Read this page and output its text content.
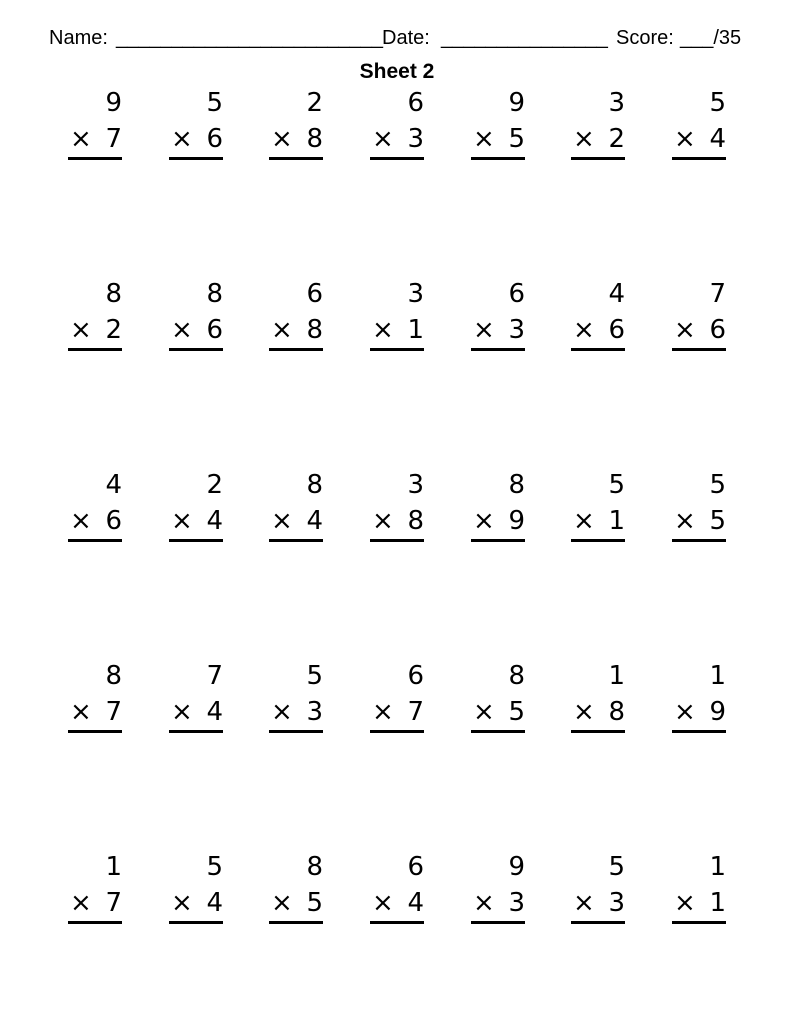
Name: ________________________ Date: _______________ Score: ___/35
Sheet 2
9
× 7
5
× 6
2
× 8
6
× 3
9
× 5
3
× 2
5
× 4
8
× 2
8
× 6
6
× 8
3
× 1
6
× 3
4
× 6
7
× 6
4
× 6
2
× 4
8
× 4
3
× 8
8
× 9
5
× 1
5
× 5
8
× 7
7
× 4
5
× 3
6
× 7
8
× 5
1
× 8
1
× 9
1
× 7
5
× 4
8
× 5
6
× 4
9
× 3
5
× 3
1
× 1
